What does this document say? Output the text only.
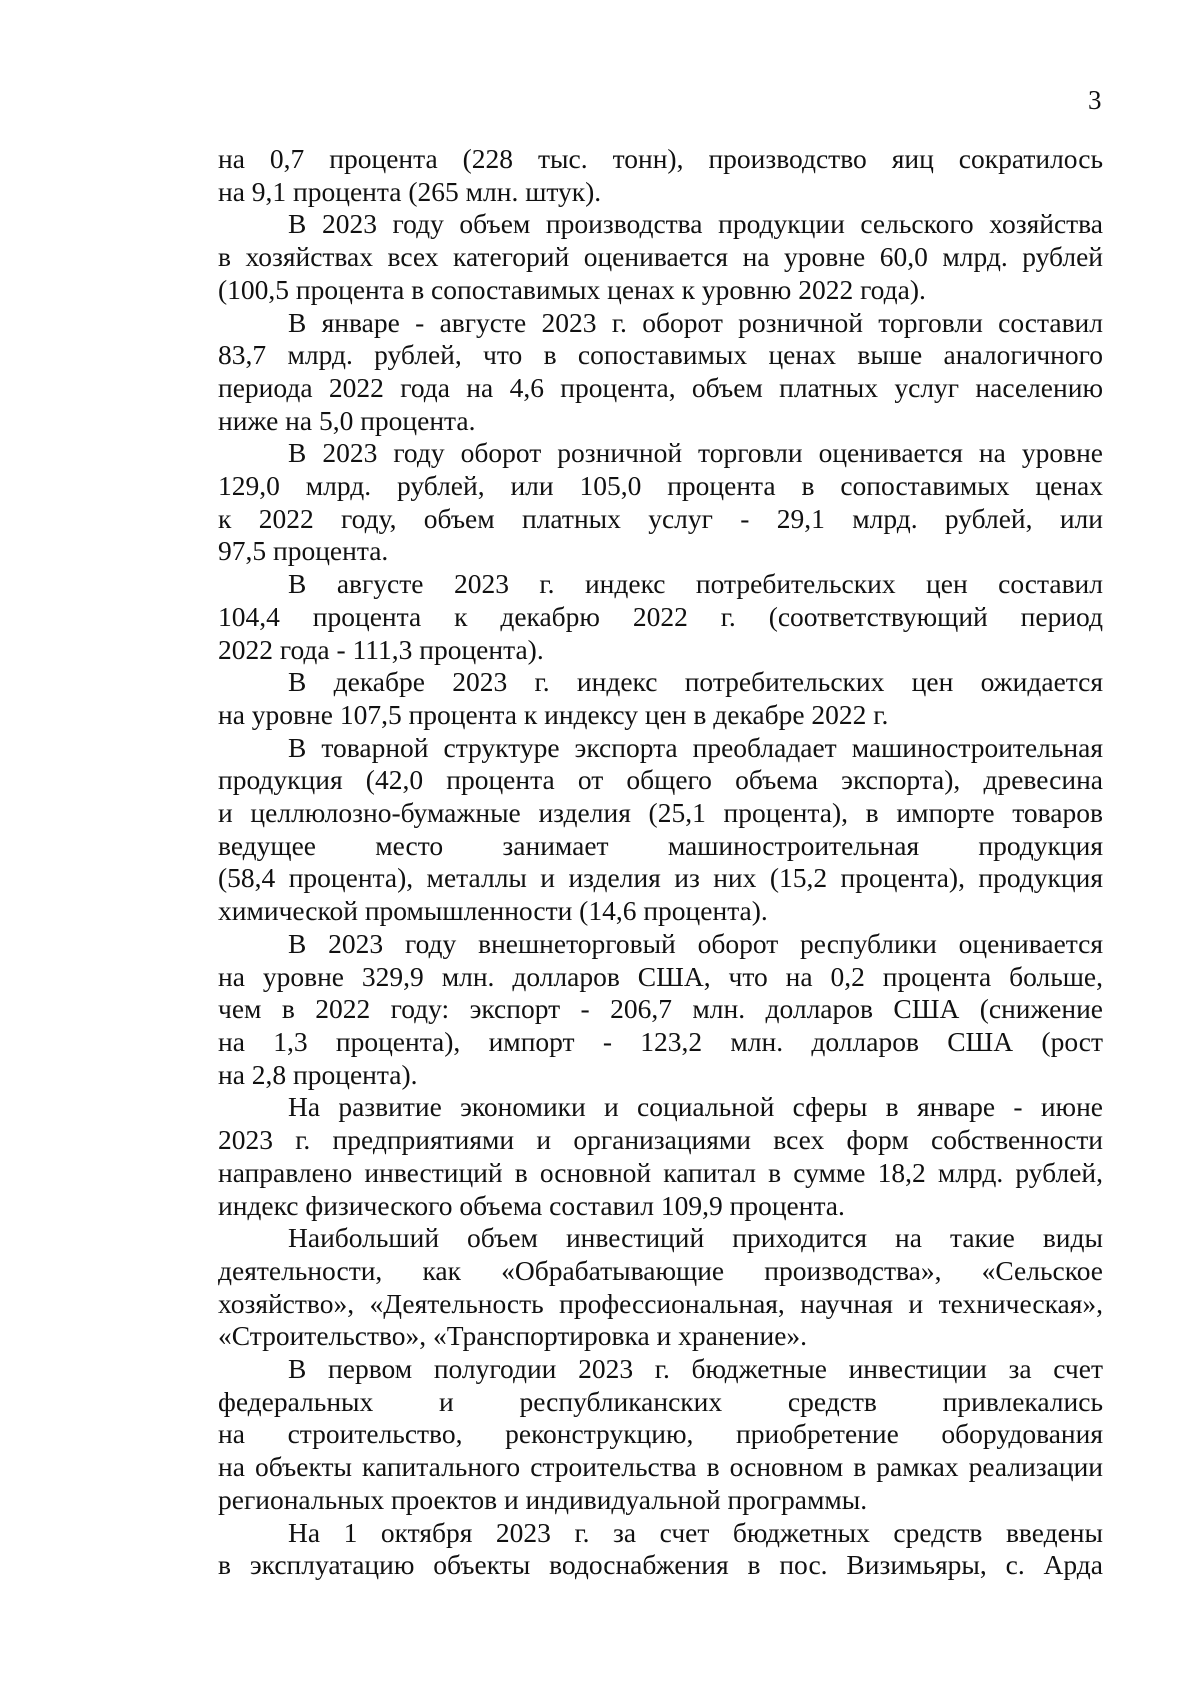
3
на 0,7 процента (228 тыс. тонн), производство яиц сократилось
на 9,1 процента (265 млн. штук).
В 2023 году объем производства продукции сельского хозяйства
в хозяйствах всех категорий оценивается на уровне 60,0 млрд. рублей
(100,5 процента в сопоставимых ценах к уровню 2022 года).
В январе - августе 2023 г. оборот розничной торговли составил
83,7 млрд. рублей, что в сопоставимых ценах выше аналогичного
периода 2022 года на 4,6 процента, объем платных услуг населению
ниже на 5,0 процента.
В 2023 году оборот розничной торговли оценивается на уровне
129,0 млрд. рублей, или 105,0 процента в сопоставимых ценах
к 2022 году, объем платных услуг - 29,1 млрд. рублей, или
97,5 процента.
В августе 2023 г. индекс потребительских цен составил
104,4 процента к декабрю 2022 г. (соответствующий период
2022 года - 111,3 процента).
В декабре 2023 г. индекс потребительских цен ожидается
на уровне 107,5 процента к индексу цен в декабре 2022 г.
В товарной структуре экспорта преобладает машиностроительная
продукция (42,0 процента от общего объема экспорта), древесина
и целлюлозно-бумажные изделия (25,1 процента), в импорте товаров
ведущее место занимает машиностроительная продукция
(58,4 процента), металлы и изделия из них (15,2 процента), продукция
химической промышленности (14,6 процента).
В 2023 году внешнеторговый оборот республики оценивается
на уровне 329,9 млн. долларов США, что на 0,2 процента больше,
чем в 2022 году: экспорт - 206,7 млн. долларов США (снижение
на 1,3 процента), импорт - 123,2 млн. долларов США (рост
на 2,8 процента).
На развитие экономики и социальной сферы в январе - июне
2023 г. предприятиями и организациями всех форм собственности
направлено инвестиций в основной капитал в сумме 18,2 млрд. рублей,
индекс физического объема составил 109,9 процента.
Наибольший объем инвестиций приходится на такие виды
деятельности, как «Обрабатывающие производства», «Сельское
хозяйство», «Деятельность профессиональная, научная и техническая»,
«Строительство», «Транспортировка и хранение».
В первом полугодии 2023 г. бюджетные инвестиции за счет
федеральных и республиканских средств привлекались
на строительство, реконструкцию, приобретение оборудования
на объекты капитального строительства в основном в рамках реализации
региональных проектов и индивидуальной программы.
На 1 октября 2023 г. за счет бюджетных средств введены
в эксплуатацию объекты водоснабжения в пос. Визимьяры, с. Арда
